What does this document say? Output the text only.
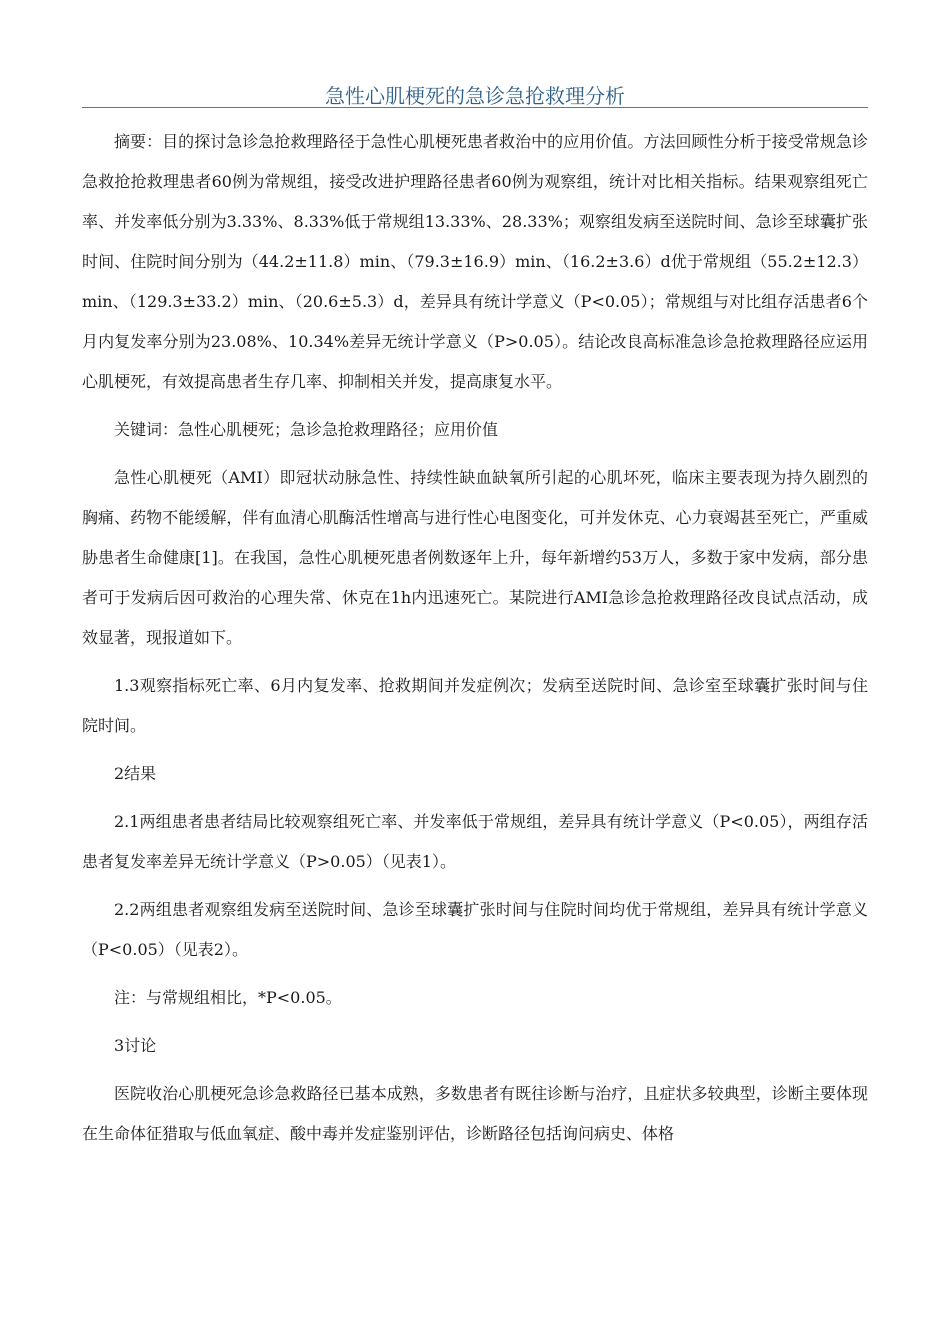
急性心肌梗死的急诊急抢救理分析

摘要：目的探讨急诊急抢救理路径于急性心肌梗死患者救治中的应用价值。方法回顾性分析于接受常规急诊急救抢抢救理患者60例为常规组，接受改进护理路径患者60例为观察组，统计对比相关指标。结果观察组死亡率、并发率低分别为3.33%、8.33%低于常规组13.33%、28.33%；观察组发病至送院时间、急诊至球囊扩张时间、住院时间分别为（44.2±11.8）min、（79.3±16.9）min、（16.2±3.6）d优于常规组（55.2±12.3）min、（129.3±33.2）min、（20.6±5.3）d，差异具有统计学意义（P<0.05）；常规组与对比组存活患者6个月内复发率分别为23.08%、10.34%差异无统计学意义（P>0.05）。结论改良高标准急诊急抢救理路径应运用心肌梗死，有效提高患者生存几率、抑制相关并发，提高康复水平。

关键词：急性心肌梗死；急诊急抢救理路径；应用价值

急性心肌梗死（AMI）即冠状动脉急性、持续性缺血缺氧所引起的心肌坏死，临床主要表现为持久剧烈的胸痛、药物不能缓解，伴有血清心肌酶活性增高与进行性心电图变化，可并发休克、心力衰竭甚至死亡，严重威胁患者生命健康[1]。在我国，急性心肌梗死患者例数逐年上升，每年新增约53万人，多数于家中发病，部分患者可于发病后因可救治的心理失常、休克在1h内迅速死亡。某院进行AMI急诊急抢救理路径改良试点活动，成效显著，现报道如下。

1.3观察指标死亡率、6月内复发率、抢救期间并发症例次；发病至送院时间、急诊室至球囊扩张时间与住院时间。

2结果

2.1两组患者患者结局比较观察组死亡率、并发率低于常规组，差异具有统计学意义（P<0.05），两组存活患者复发率差异无统计学意义（P>0.05）（见表1）。

2.2两组患者观察组发病至送院时间、急诊至球囊扩张时间与住院时间均优于常规组，差异具有统计学意义（P<0.05）（见表2）。

注：与常规组相比，*P<0.05。

3讨论

医院收治心肌梗死急诊急救路径已基本成熟，多数患者有既往诊断与治疗，且症状多较典型，诊断主要体现在生命体征猎取与低血氧症、酸中毒并发症鉴别评估，诊断路径包括询问病史、体格
